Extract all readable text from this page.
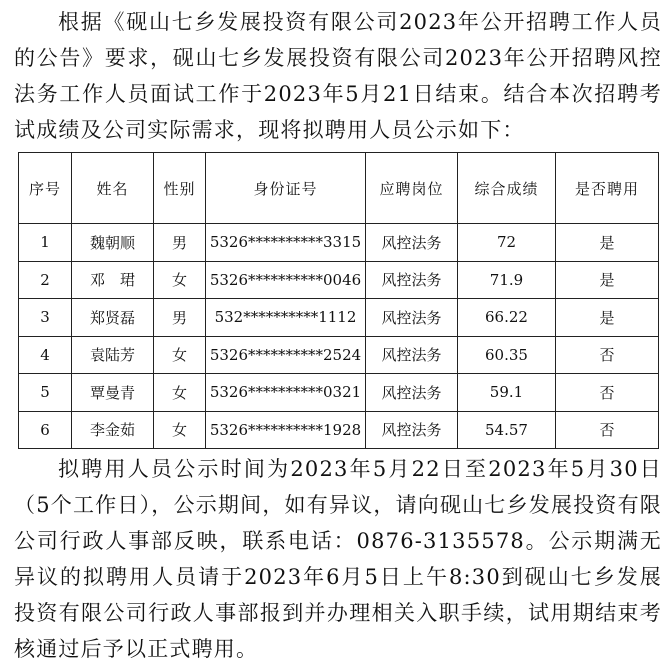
根据《砚山七乡发展投资有限公司2023年公开招聘工作人员的公告》要求，砚山七乡发展投资有限公司2023年公开招聘风控法务工作人员面试工作于2023年5月21日结束。结合本次招聘考试成绩及公司实际需求，现将拟聘用人员公示如下：

序号	姓名	性别	身份证号	应聘岗位	综合成绩	是否聘用
1	魏朝顺	男	5326**********3315	风控法务	72	是
2	邓　珺	女	5326**********0046	风控法务	71.9	是
3	郑贤磊	男	532**********1112	风控法务	66.22	是
4	袁陆芳	女	5326**********2524	风控法务	60.35	否
5	覃曼青	女	5326**********0321	风控法务	59.1	否
6	李金茹	女	5326**********1928	风控法务	54.57	否

拟聘用人员公示时间为2023年5月22日至2023年5月30日（5个工作日），公示期间，如有异议，请向砚山七乡发展投资有限公司行政人事部反映，联系电话：0876-3135578。公示期满无异议的拟聘用人员请于2023年6月5日上午8:30到砚山七乡发展投资有限公司行政人事部报到并办理相关入职手续，试用期结束考核通过后予以正式聘用。
